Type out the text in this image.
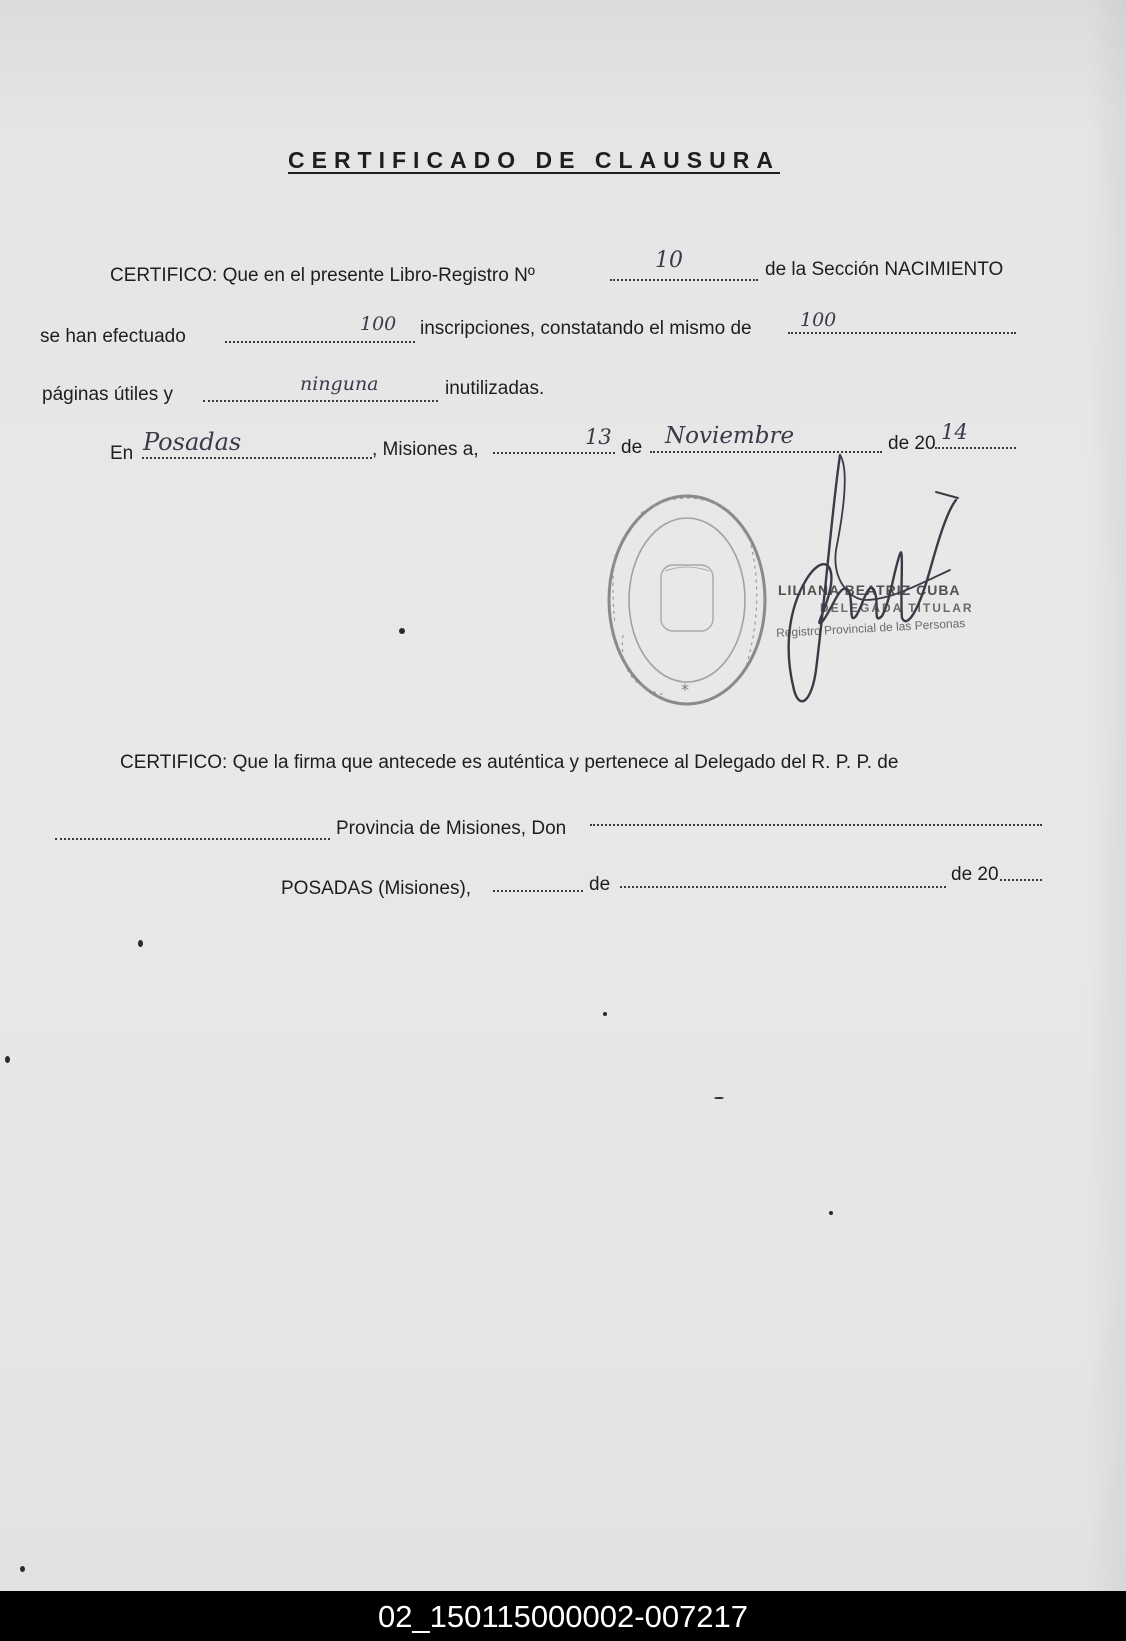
CERTIFICADO DE CLAUSURA
CERTIFICO: Que en el presente Libro-Registro Nº
10	de la Sección NACIMIENTO
se han efectuado
100 inscripciones, constatando el mismo de	100
páginas útiles y	ninguna	inutilizadas.
En Posadas	, Misiones a,
13 de Noviembre	de 20 14
*
LILIANA BEATRIZ CUBA
DELEGADA TITULAR
Registro Provincial de las Personas
CERTIFICO: Que la firma que antecede es auténtica y pertenece al Delegado del R. P. P. de
Provincia de Misiones, Don
POSADAS (Misiones),	de	de 20
02_150115000002-007217
